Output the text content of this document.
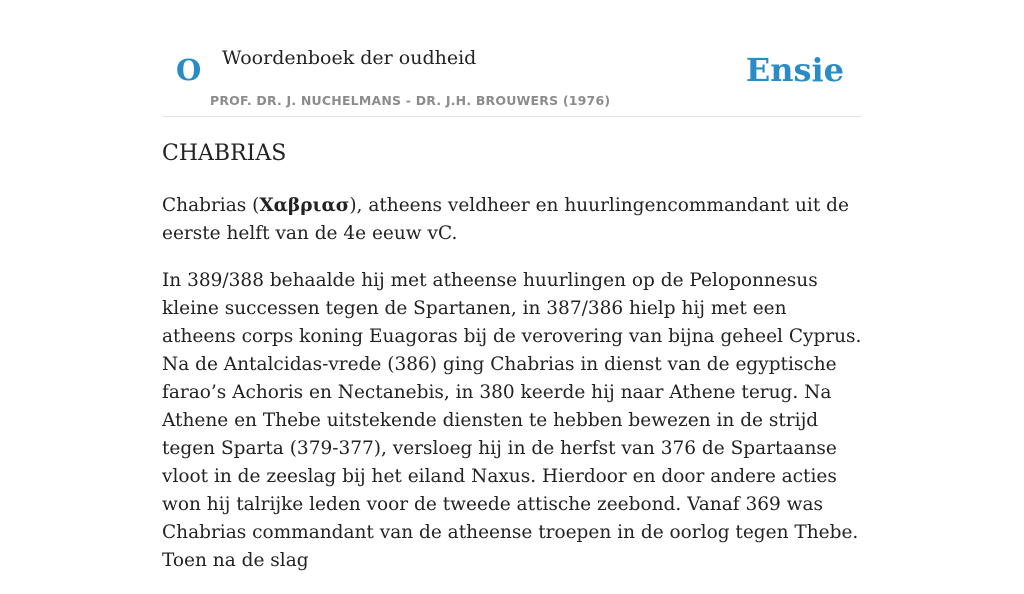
O Woordenboek der oudheid
PROF. DR. J. NUCHELMANS - DR. J.H. BROUWERS (1976)
Ensie
CHABRIAS

Chabrias (Χαβριασ), atheens veldheer en huurlingencommandant uit de eerste helft van de 4e eeuw vC.

In 389/388 behaalde hij met atheense huurlingen op de Peloponnesus kleine successen tegen de Spartanen, in 387/386 hielp hij met een atheens corps koning Euagoras bij de verovering van bijna geheel Cyprus. Na de Antalcidas-vrede (386) ging Chabrias in dienst van de egyptische farao’s Achoris en Nectanebis, in 380 keerde hij naar Athene terug. Na Athene en Thebe uitstekende diensten te hebben bewezen in de strijd tegen Sparta (379-377), versloeg hij in de herfst van 376 de Spartaanse vloot in de zeeslag bij het eiland Naxus. Hierdoor en door andere acties won hij talrijke leden voor de tweede attische zeebond. Vanaf 369 was Chabrias commandant van de atheense troepen in de oorlog tegen Thebe. Toen na de slag
